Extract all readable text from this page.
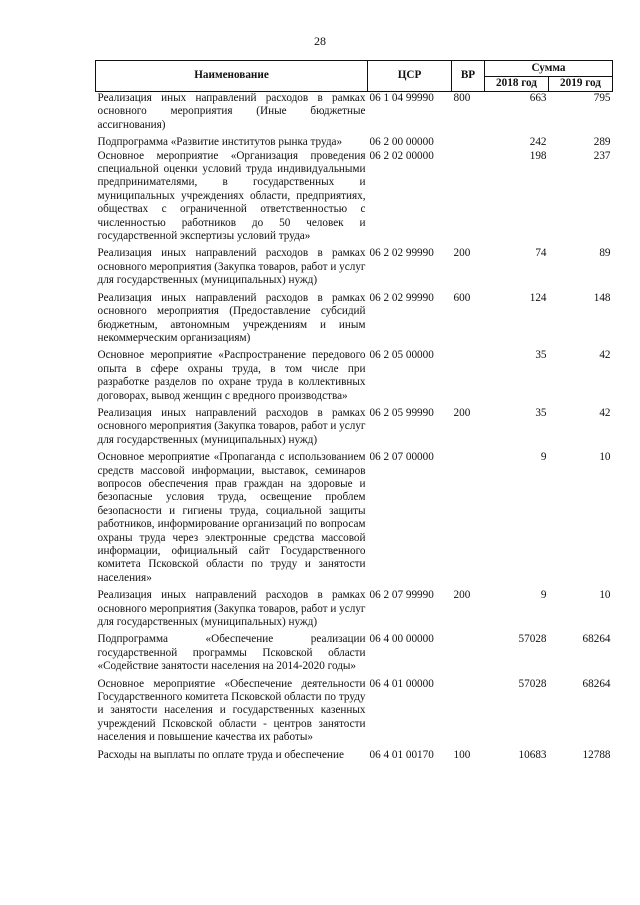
28
Наименование	ЦСР	ВР	Сумма	
			2018 год	2019 год
Реализация иных направлений расходов в рамках основного мероприятия (Иные бюджетные ассигнования)	06 1 04 99990	800	663	795
Подпрограмма «Развитие институтов рынка труда»	06 2 00 00000		242	289
Основное мероприятие «Организация проведения специальной оценки условий труда индивидуальными предпринимателями, в государственных и муниципальных учреждениях области, предприятиях, обществах с ограниченной ответственностью с численностью работников до 50 человек и государственной экспертизы условий труда»	06 2 02 00000		198	237
Реализация иных направлений расходов в рамках основного мероприятия (Закупка товаров, работ и услуг для государственных (муниципальных) нужд)	06 2 02 99990	200	74	89
Реализация иных направлений расходов в рамках основного мероприятия (Предоставление субсидий бюджетным, автономным учреждениям и иным некоммерческим организациям)	06 2 02 99990	600	124	148
Основное мероприятие «Распространение передового опыта в сфере охраны труда, в том числе при разработке разделов по охране труда в коллективных договорах, вывод женщин с вредного производства»	06 2 05 00000		35	42
Реализация иных направлений расходов в рамках основного мероприятия (Закупка товаров, работ и услуг для государственных (муниципальных) нужд)	06 2 05 99990	200	35	42
Основное мероприятие «Пропаганда с использованием средств массовой информации, выставок, семинаров вопросов обеспечения прав граждан на здоровые и безопасные условия труда, освещение проблем безопасности и гигиены труда, социальной защиты работников, информирование организаций по вопросам охраны труда через электронные средства массовой информации, официальный сайт Государственного комитета Псковской области по труду и занятости населения»	06 2 07 00000		9	10
Реализация иных направлений расходов в рамках основного мероприятия (Закупка товаров, работ и услуг для государственных (муниципальных) нужд)	06 2 07 99990	200	9	10
Подпрограмма «Обеспечение реализации государственной программы Псковской области «Содействие занятости населения на 2014-2020 годы»	06 4 00 00000		57028	68264
Основное мероприятие «Обеспечение деятельности Государственного комитета Псковской области по труду и занятости населения и государственных казенных учреждений Псковской области - центров занятости населения и повышение качества их работы»	06 4 01 00000		57028	68264
Расходы на выплаты по оплате труда и обеспечение	06 4 01 00170	100	10683	12788
